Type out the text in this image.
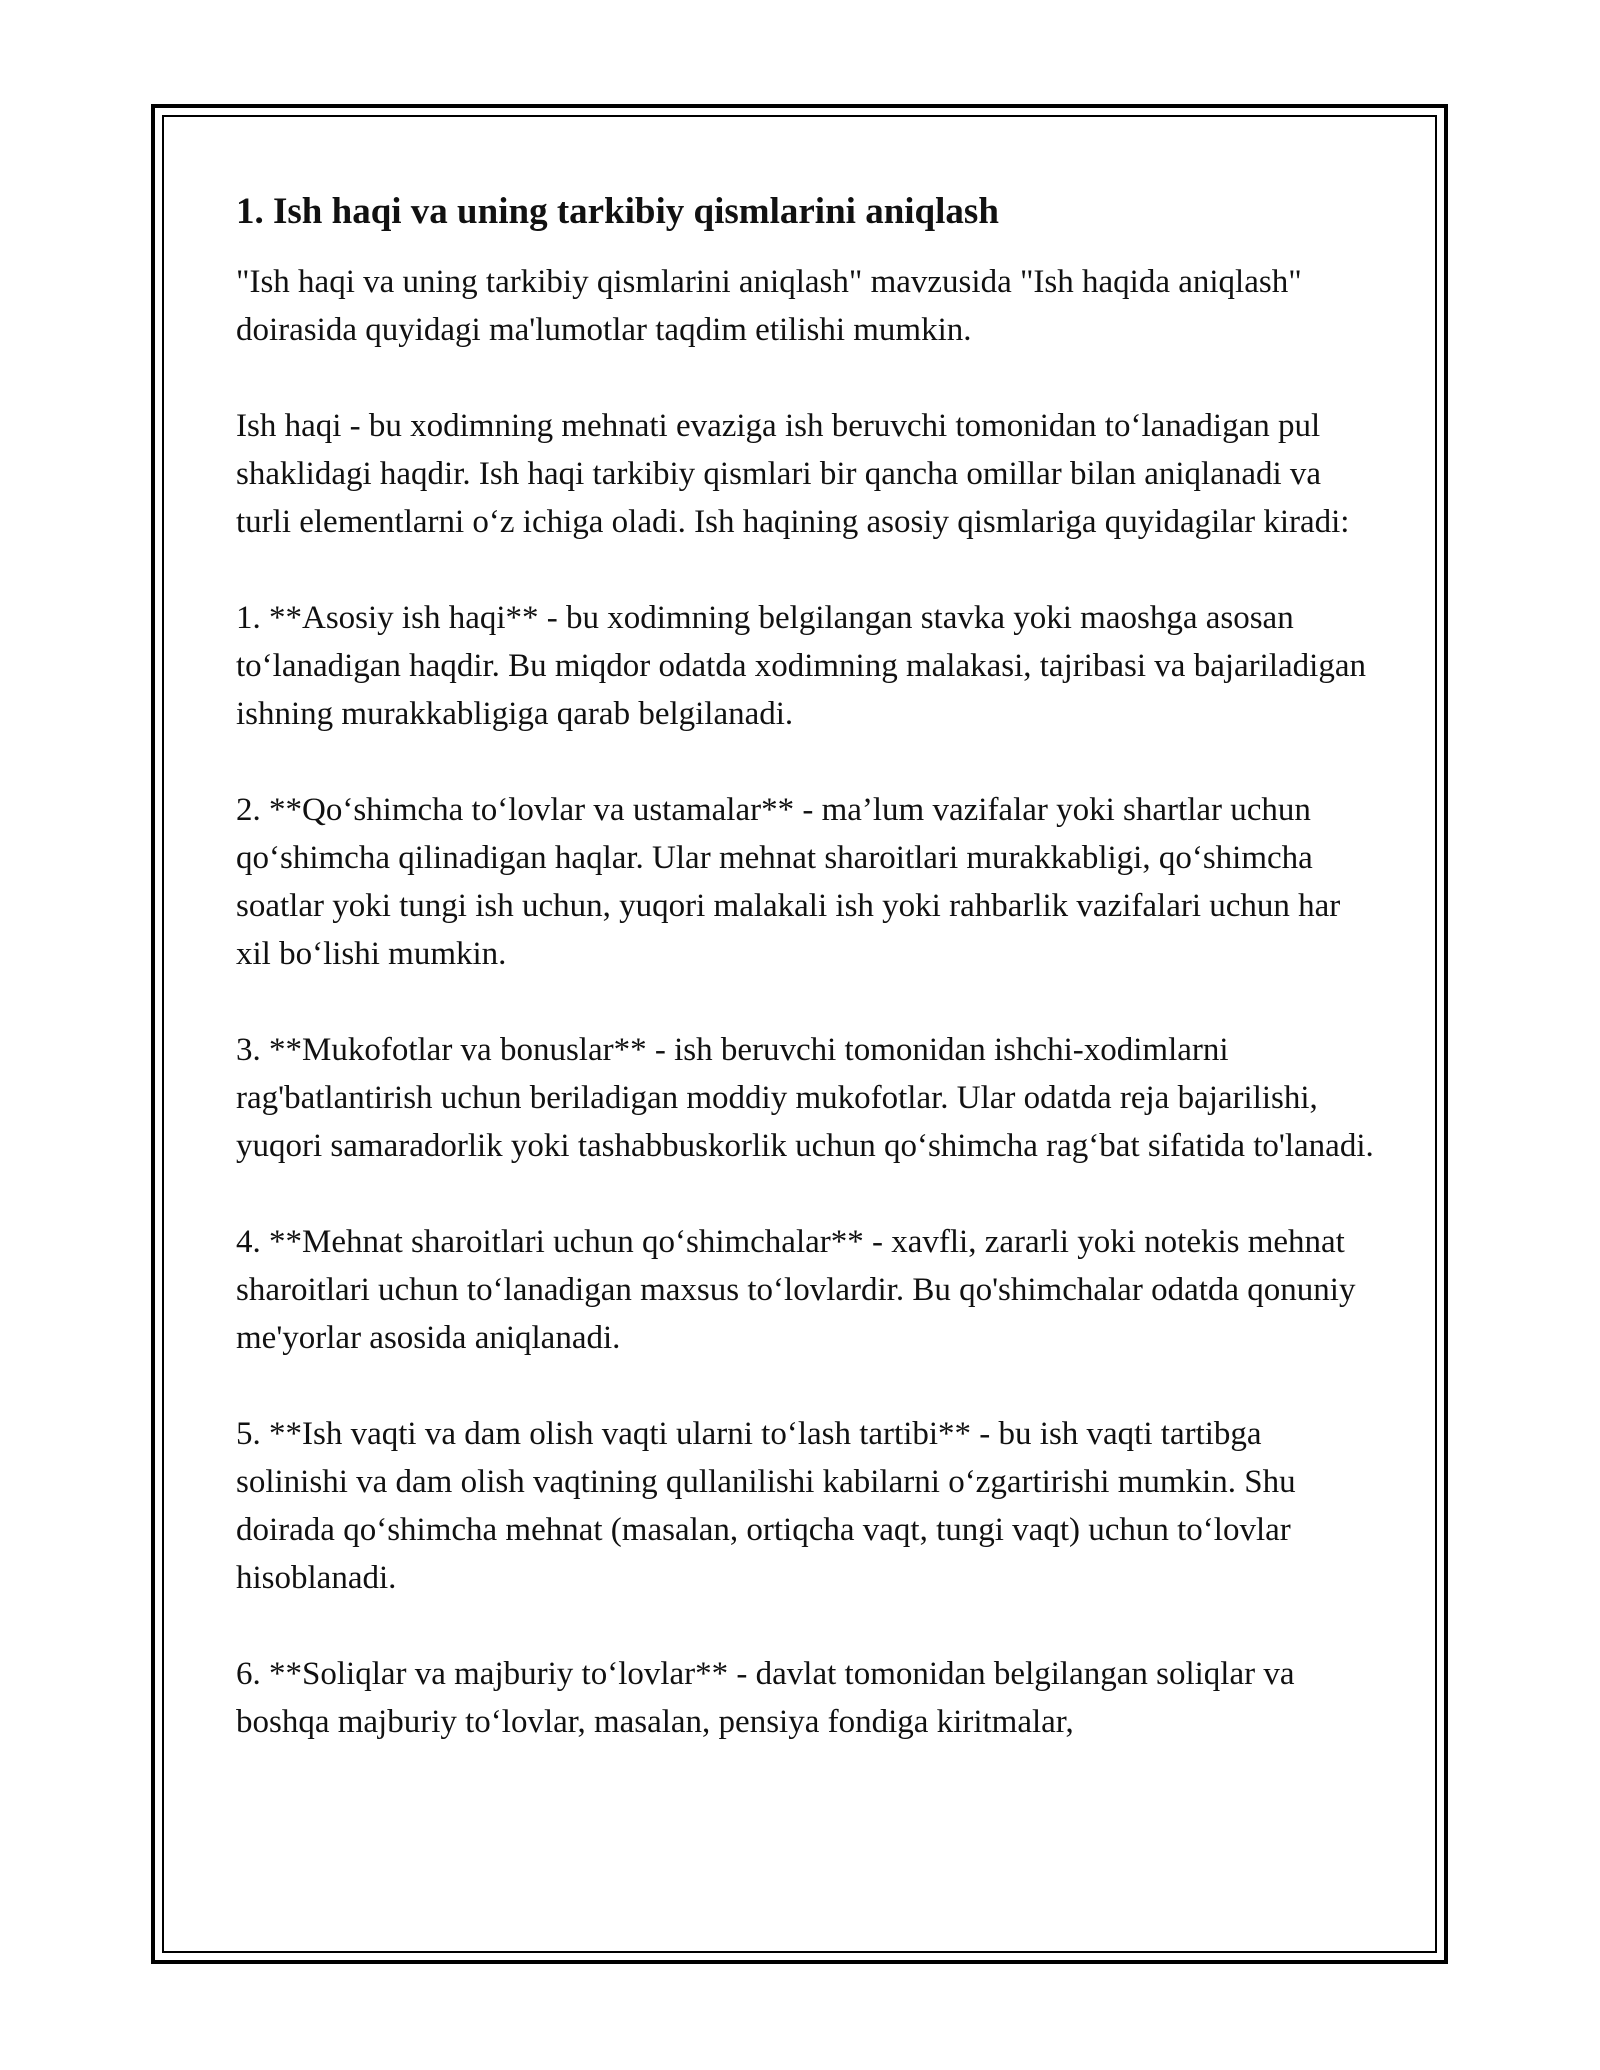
1. Ish haqi va uning tarkibiy qismlarini aniqlash

"Ish haqi va uning tarkibiy qismlarini aniqlash" mavzusida "Ish haqida aniqlash" doirasida quyidagi ma'lumotlar taqdim etilishi mumkin.

Ish haqi - bu xodimning mehnati evaziga ish beruvchi tomonidan to‘lanadigan pul shaklidagi haqdir. Ish haqi tarkibiy qismlari bir qancha omillar bilan aniqlanadi va turli elementlarni o‘z ichiga oladi. Ish haqining asosiy qismlariga quyidagilar kiradi:

1. **Asosiy ish haqi** - bu xodimning belgilangan stavka yoki maoshga asosan to‘lanadigan haqdir. Bu miqdor odatda xodimning malakasi, tajribasi va bajariladigan ishning murakkabligiga qarab belgilanadi.

2. **Qo‘shimcha to‘lovlar va ustamalar** - ma’lum vazifalar yoki shartlar uchun qo‘shimcha qilinadigan haqlar. Ular mehnat sharoitlari murakkabligi, qo‘shimcha soatlar yoki tungi ish uchun, yuqori malakali ish yoki rahbarlik vazifalari uchun har xil bo‘lishi mumkin.

3. **Mukofotlar va bonuslar** - ish beruvchi tomonidan ishchi-xodimlarni rag'batlantirish uchun beriladigan moddiy mukofotlar. Ular odatda reja bajarilishi, yuqori samaradorlik yoki tashabbuskorlik uchun qo‘shimcha rag‘bat sifatida to'lanadi.

4. **Mehnat sharoitlari uchun qo‘shimchalar** - xavfli, zararli yoki notekis mehnat sharoitlari uchun to‘lanadigan maxsus to‘lovlardir. Bu qo'shimchalar odatda qonuniy me'yorlar asosida aniqlanadi.

5. **Ish vaqti va dam olish vaqti ularni to‘lash tartibi** - bu ish vaqti tartibga solinishi va dam olish vaqtining qullanilishi kabilarni o‘zgartirishi mumkin. Shu doirada qo‘shimcha mehnat (masalan, ortiqcha vaqt, tungi vaqt) uchun to‘lovlar hisoblanadi.

6. **Soliqlar va majburiy to‘lovlar** - davlat tomonidan belgilangan soliqlar va boshqa majburiy to‘lovlar, masalan, pensiya fondiga kiritmalar,
